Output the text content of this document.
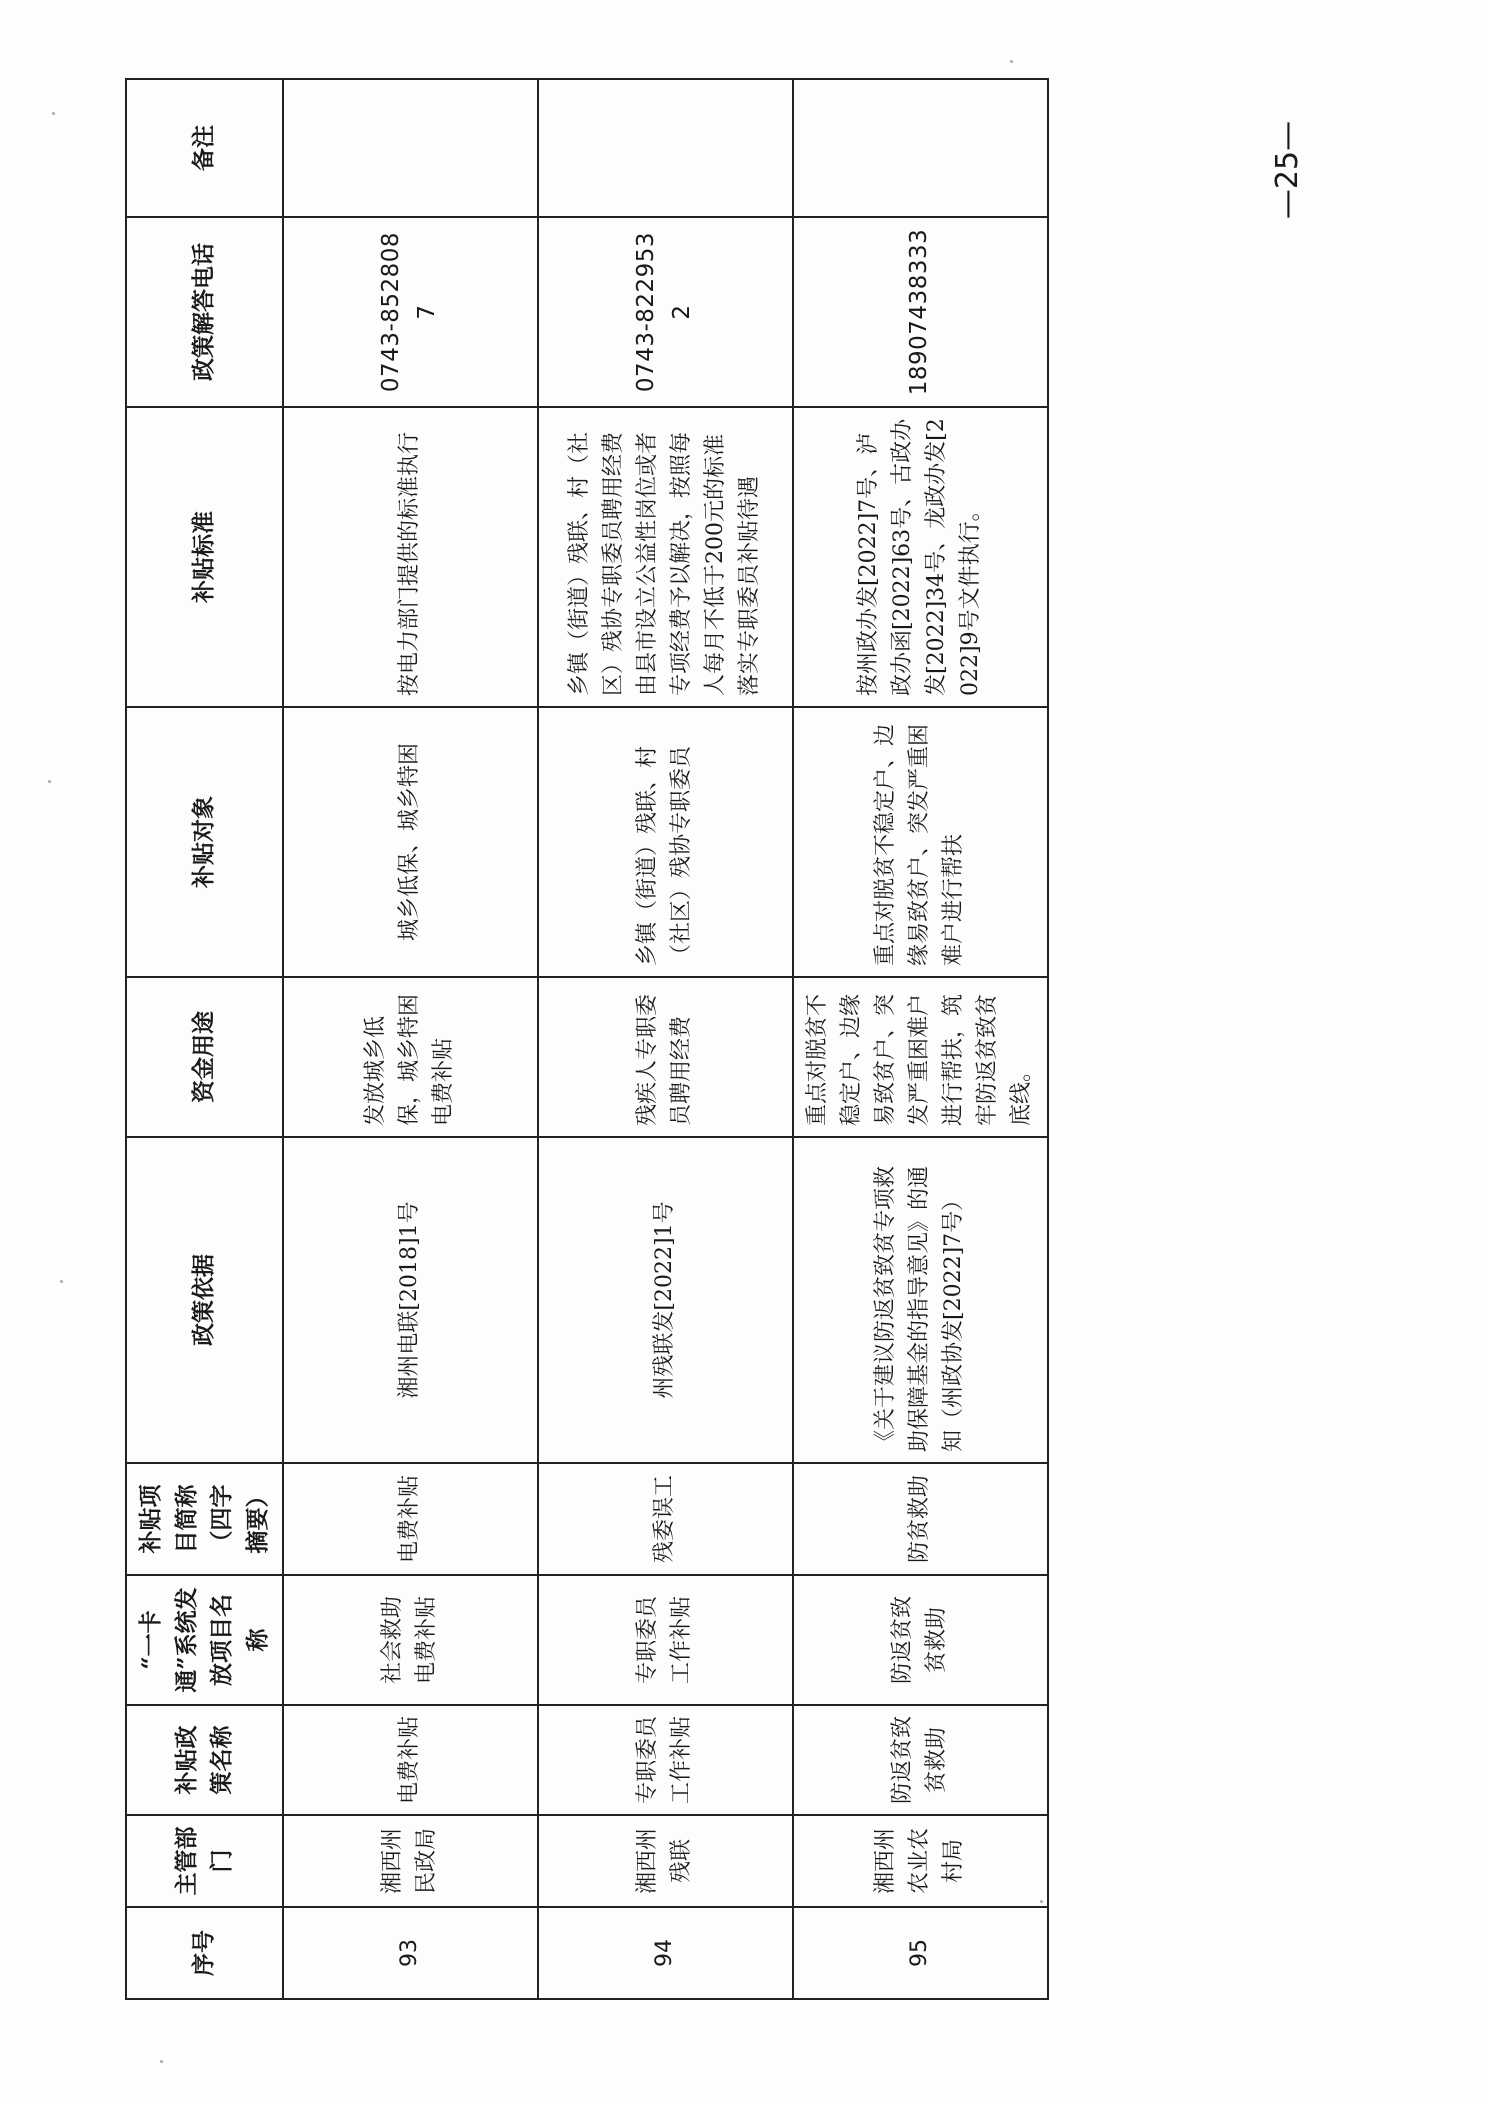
序号	主管部门	补贴政策名称	“一卡通”系统发放项目名称	补贴项目简称（四字摘要）	政策依据	资金用途	补贴对象	补贴标准	政策解答电话	备注
93	湘西州民政局	电费补贴	社会救助电费补贴	电费补贴	湘州电联[2018]1号	发放城乡低保，城乡特困电费补贴	城乡低保、城乡特困	按电力部门提供的标准执行	0743-8528087	
94	湘西州残联	专职委员工作补贴	专职委员工作补贴	残委误工	州残联发[2022]1号	残疾人专职委员聘用经费	乡镇（街道）残联、村（社区）残协专职委员	乡镇（街道）残联、村（社区）残协专职委员聘用经费由县市设立公益性岗位或者专项经费予以解决，按照每人每月不低于200元的标准落实专职委员补贴待遇	0743-8229532	
95	湘西州农业农村局	防返贫致贫救助	防返贫致贫救助	防贫救助	《关于建议防返贫致贫专项救助保障基金的指导意见》的通知（州政协发[2022]7号）	重点对脱贫不稳定户、边缘易致贫户、突发严重困难户进行帮扶，筑牢防返贫致贫底线。	重点对脱贫不稳定户、边缘易致贫户、突发严重困难户进行帮扶	按州政办发[2022]7号、泸政办函[2022]63号、古政办发[2022]34号、龙政办发[2022]9号文件执行。	18907438333	
—25—
